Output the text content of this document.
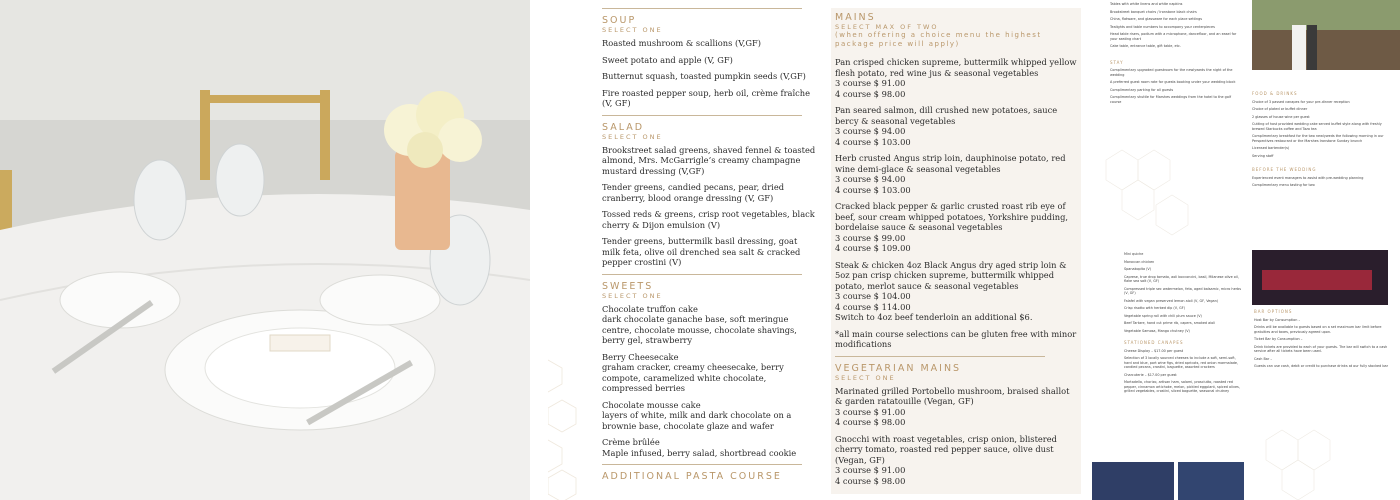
SOUP

SELECT ONE

Roasted mushroom & scallions (V,GF)

Sweet potato and apple (V, GF)

Butternut squash, toasted pumpkin seeds (V,GF)

Fire roasted pepper soup, herb oil, crème fraîche (V, GF)

SALAD

SELECT ONE

Brookstreet salad greens, shaved fennel & toasted almond, Mrs. McGarrigle’s creamy champagne mustard dressing (V,GF)

Tender greens, candied pecans, pear, dried cranberry, blood orange dressing (V, GF)

Tossed reds & greens, crisp root vegetables, black cherry & Dijon emulsion (V)

Tender greens, buttermilk basil dressing, goat milk feta, olive oil drenched sea salt & cracked pepper crostini (V)

SWEETS

SELECT ONE

Chocolate truffon cake
dark chocolate ganache base, soft meringue centre, chocolate mousse, chocolate shavings, berry gel, strawberry

Berry Cheesecake
graham cracker, creamy cheesecake, berry compote, caramelized white chocolate, compressed berries

Chocolate mousse cake
layers of white, milk and dark chocolate on a brownie base, chocolate glaze and wafer

Crème brûlée
Maple infused, berry salad, shortbread cookie

ADDITIONAL PASTA COURSE

MAINS

SELECT MAX OF TWO

(when offering a choice menu the highest package price will apply)

Pan crisped chicken supreme, buttermilk whipped yellow flesh potato, red wine jus & seasonal vegetables
3 course $ 91.00
4 course $ 98.00

Pan seared salmon, dill crushed new potatoes, sauce bercy & seasonal vegetables
3 course $ 94.00
4 course $ 103.00

Herb crusted Angus strip loin, dauphinoise potato, red wine demi-glace & seasonal vegetables
3 course $ 94.00
4 course $ 103.00

Cracked black pepper & garlic crusted roast rib eye of beef, sour cream whipped potatoes, Yorkshire pudding, bordelaise sauce & seasonal vegetables
3 course $ 99.00
4 course $ 109.00

Steak & chicken 4oz Black Angus dry aged strip loin & 5oz pan crisp chicken supreme, buttermilk whipped potato, merlot sauce & seasonal vegetables
3 course $ 104.00
4 course $ 114.00
Switch to 4oz beef tenderloin an additional $6.

*all main course selections can be gluten free with minor modifications

VEGETARIAN MAINS

SELECT ONE

Marinated grilled Portobello mushroom, braised shallot & garden ratatouille (Vegan, GF)
3 course $ 91.00
4 course $ 98.00

Gnocchi with roast vegetables, crisp onion, blistered cherry tomato, roasted red pepper sauce, olive dust (Vegan, GF)
3 course $ 91.00
4 course $ 98.00

Tables with white linens and white napkins

Brookstreet banquet chairs / Ironstone black chairs

China, flatware, and glassware for each place settings

Tealights and table numbers to accompany your centerpieces

Head table risers, podium with a microphone, dancefloor, and an easel for your seating chart

Cake table, entrance table, gift table, etc.

STAY

Complimentary upgraded guestroom for the newlyweds the night of the wedding

A preferred guest room rate for guests booking under your wedding block

Complimentary parking for all guests

Complimentary shuttle for Marshes weddings from the hotel to the golf course

Mini quiche

Moroccan chicken

Spanakopita (V)

Caprese, true drop tomato, aoli bocconcini, basil, Milanese olive oil, flake sea salt (V, GF)

Compressed triple sec watermelon, feta, aged balsamic, micro herbs (V, GF)

Falafel with vegan preserved lemon aioli (V, GF, Vegan)

Crisp risotto with herbed dip (V, GF)

Vegetable spring roll with chili plum sauce (V)

Beef Tartare, hand cut prime rib, capers, smoked aioli

Vegetable Samosa, Mango chutney (V)

STATIONED CANAPES

Cheese Display – $17.00 per guest

Selection of 3 locally sourced cheeses to include a soft, semi-soft, hard and blue, port wine figs, dried apricots, red onion marmalade, candied pecans, crostini, baguette, assorted crackers

Charcuterie – $17.00 per guest

Mortadella, chorizo, artisan ham, salami, prosciutto, roasted red pepper, cinnamon artichoke, melon, pickled eggplant, spiced olives, grilled vegetables, crostini, sliced baguette, seasonal chutney

FOOD & DRINKS

Choice of 3 passed canapes for your pre-dinner reception

Choice of plated or buffet dinner

2 glasses of house wine per guest

Cutting of host provided wedding cake served buffet style along with freshly brewed Starbucks coffee and Tazo tea

Complimentary breakfast for the two newlyweds the following morning in our Perspectives restaurant or the Marshes Ironstone Sunday brunch

Licensed bartender(s)

Serving staff

BEFORE THE WEDDING

Experienced event managers to assist with pre-wedding planning

Complimentary menu tasting for two

BAR OPTIONS

Host Bar by Consumption –

Drinks will be available to guests based on a set maximum bar limit before gratuities and taxes, previously agreed upon.

Ticket Bar by Consumption –

Drink tickets are provided to each of your guests. The bar will switch to a cash service after all tickets have been used.

Cash Bar –

Guests can use cash, debit or credit to purchase drinks at our fully stocked bar
